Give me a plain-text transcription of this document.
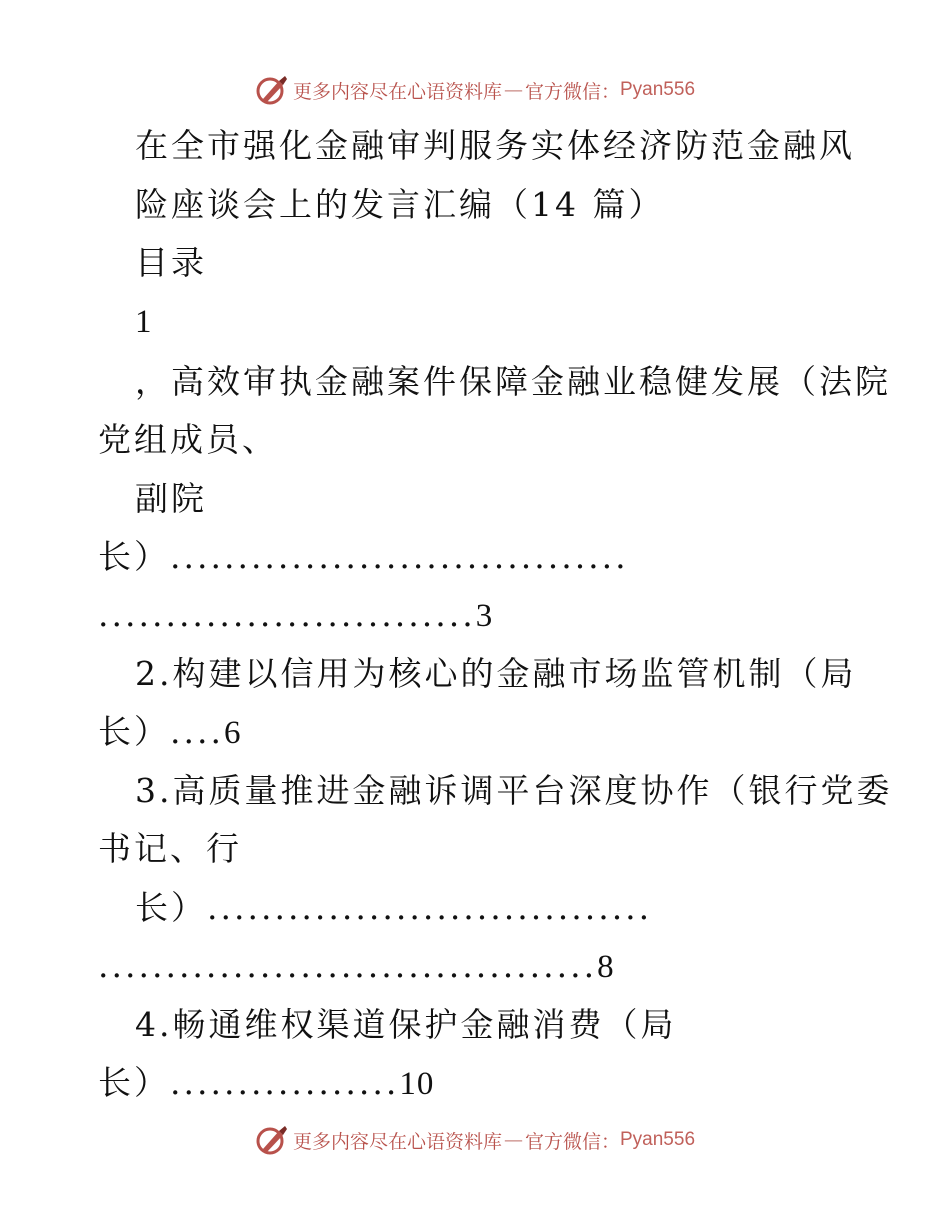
更多内容尽在心语资料库 — 官方微信： Pyan556
在全市强化金融审判服务实体经济防范金融风
险座谈会上的发言汇编（14 篇）
目录
1
，高效审执金融案件保障金融业稳健发展（法院
党组成员、
副院
长）..................................
............................3
2.构建以信用为核心的金融市场监管机制（局
长）....6
3.高质量推进金融诉调平台深度协作（银行党委
书记、行
长）.................................
.....................................8
4.畅通维权渠道保护金融消费（局
长）.................10
更多内容尽在心语资料库 — 官方微信： Pyan556
